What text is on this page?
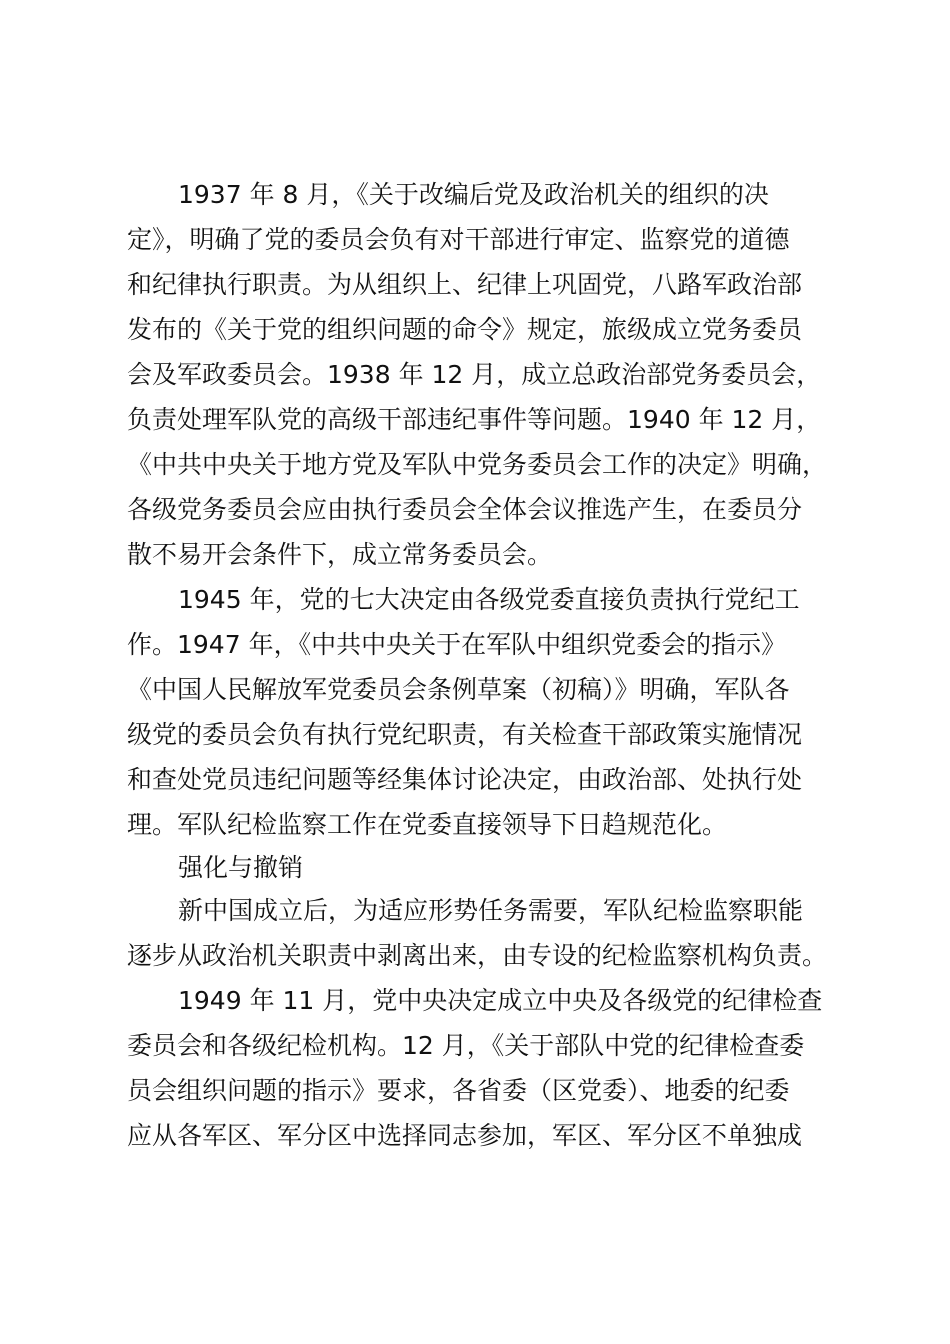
1937 年 8 月，《关于改编后党及政治机关的组织的决
定》，明确了党的委员会负有对干部进行审定、监察党的道德
和纪律执行职责。为从组织上、纪律上巩固党，八路军政治部
发布的《关于党的组织问题的命令》规定，旅级成立党务委员
会及军政委员会。1938 年 12 月，成立总政治部党务委员会，
负责处理军队党的高级干部违纪事件等问题。1940 年 12 月，
《中共中央关于地方党及军队中党务委员会工作的决定》明确，
各级党务委员会应由执行委员会全体会议推选产生，在委员分
散不易开会条件下，成立常务委员会。
1945 年，党的七大决定由各级党委直接负责执行党纪工
作。1947 年，《中共中央关于在军队中组织党委会的指示》
《中国人民解放军党委员会条例草案（初稿）》明确，军队各
级党的委员会负有执行党纪职责，有关检查干部政策实施情况
和查处党员违纪问题等经集体讨论决定，由政治部、处执行处
理。军队纪检监察工作在党委直接领导下日趋规范化。
强化与撤销
新中国成立后，为适应形势任务需要，军队纪检监察职能
逐步从政治机关职责中剥离出来，由专设的纪检监察机构负责。
1949 年 11 月，党中央决定成立中央及各级党的纪律检查
委员会和各级纪检机构。12 月，《关于部队中党的纪律检查委
员会组织问题的指示》要求，各省委（区党委）、地委的纪委
应从各军区、军分区中选择同志参加，军区、军分区不单独成
